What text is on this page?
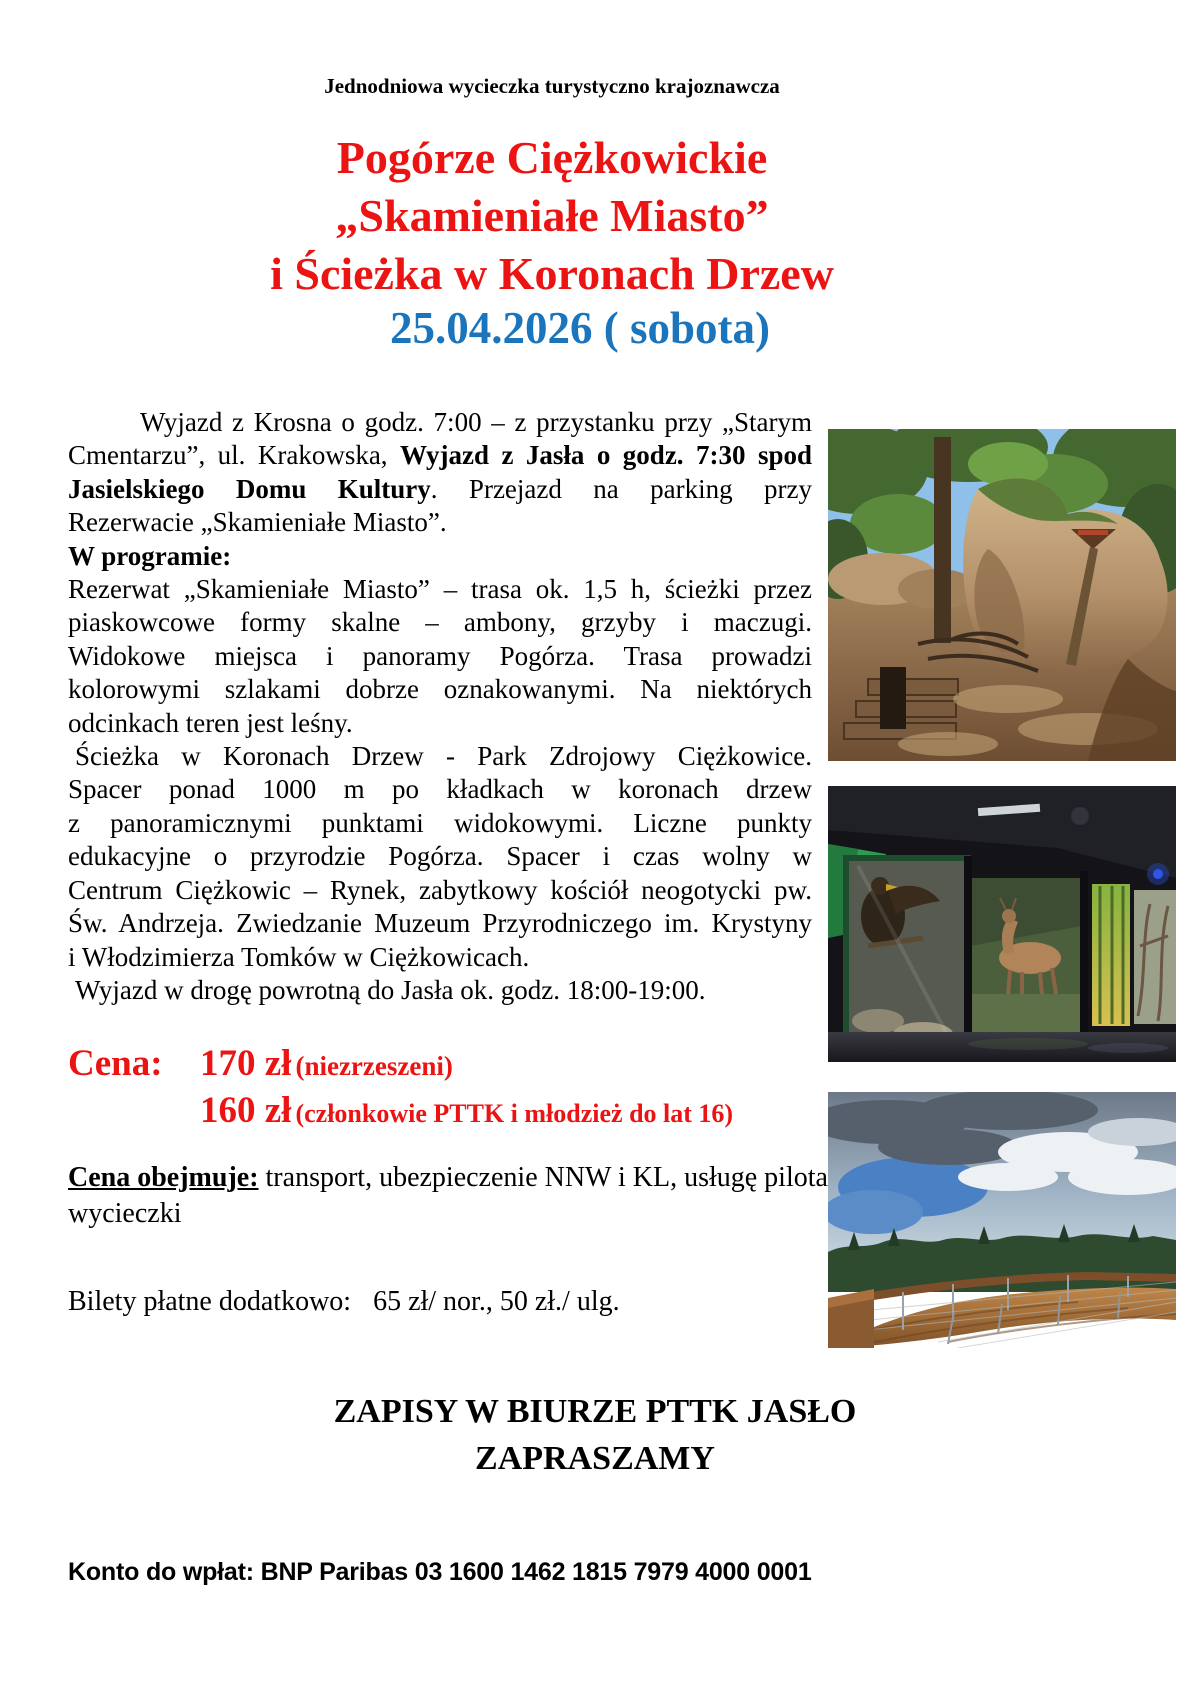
Jednodniowa wycieczka turystyczno krajoznawcza
Pogórze Ciężkowickie
„Skamieniałe Miasto”
i Ścieżka w Koronach Drzew
25.04.2026 ( sobota)
Wyjazd z Krosna o godz. 7:00 – z przystanku przy „Starym
Cmentarzu”, ul. Krakowska, Wyjazd z Jasła o godz. 7:30 spod
Jasielskiego Domu Kultury. Przejazd na parking przy
Rezerwacie „Skamieniałe Miasto”.
W programie:
Rezerwat „Skamieniałe Miasto” – trasa ok. 1,5 h, ścieżki przez
piaskowcowe formy skalne – ambony, grzyby i maczugi.
Widokowe miejsca i panoramy Pogórza. Trasa prowadzi
kolorowymi szlakami dobrze oznakowanymi. Na niektórych
odcinkach teren jest leśny.
Ścieżka w Koronach Drzew - Park Zdrojowy Ciężkowice.
Spacer ponad 1000 m po kładkach w koronach drzew
z panoramicznymi punktami widokowymi. Liczne punkty
edukacyjne o przyrodzie Pogórza. Spacer i czas wolny w
Centrum Ciężkowic – Rynek, zabytkowy kościół neogotycki pw.
Św. Andrzeja. Zwiedzanie Muzeum Przyrodniczego im. Krystyny
i Włodzimierza Tomków w Ciężkowicach.
Wyjazd w drogę powrotną do Jasła ok. godz. 18:00-19:00.
Cena: 170 zł (niezrzeszeni)
160 zł (członkowie PTTK i młodzież do lat 16)
Cena obejmuje: transport, ubezpieczenie NNW i KL, usługę pilota
wycieczki
Bilety płatne dodatkowo: 65 zł/ nor., 50 zł./ ulg.
ZAPISY W BIURZE PTTK JASŁO
ZAPRASZAMY
Konto do wpłat: BNP Paribas 03 1600 1462 1815 7979 4000 0001
